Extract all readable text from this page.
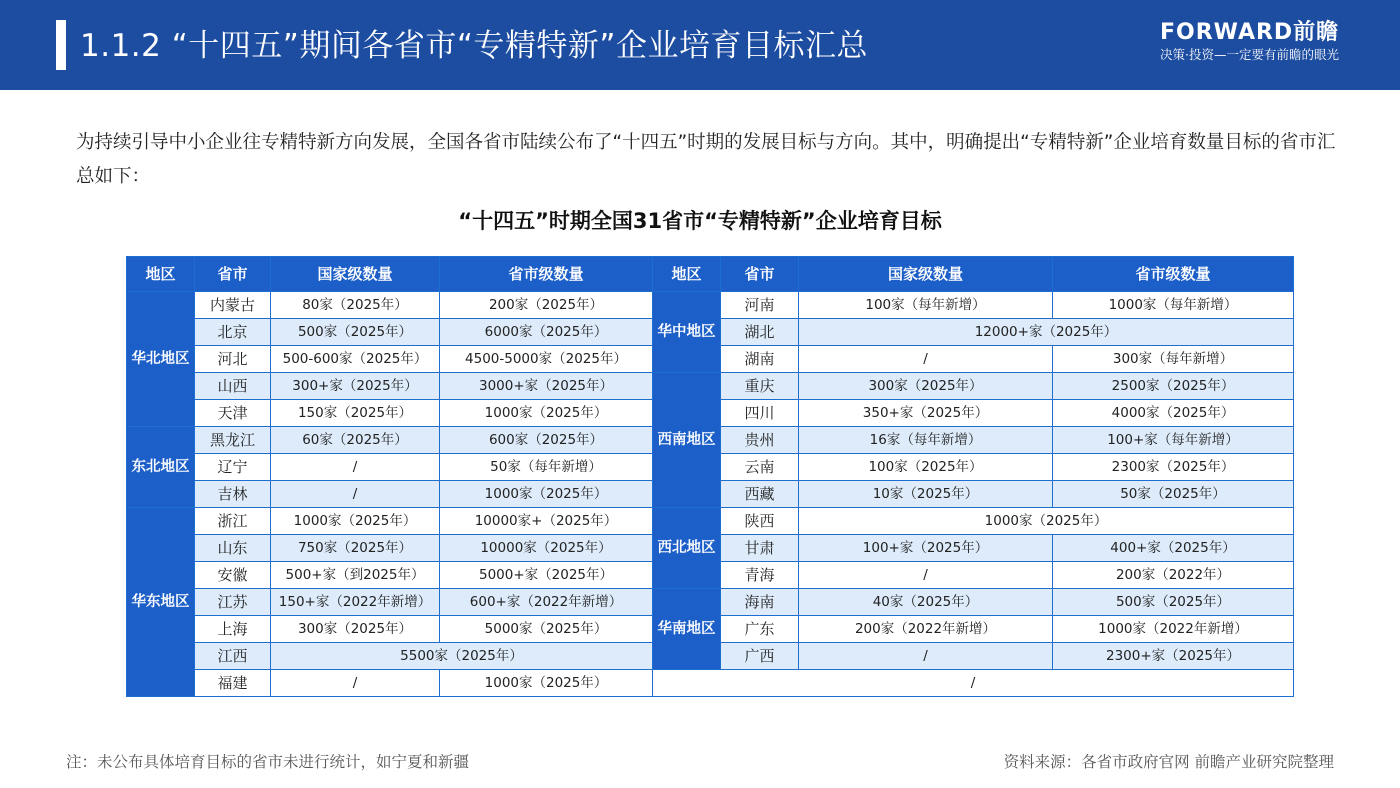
1.1.2 “十四五”期间各省市“专精特新”企业培育目标汇总	FORWARD前瞻
决策·投资—一定要有前瞻的眼光
为持续引导中小企业往专精特新方向发展，全国各省市陆续公布了“十四五”时期的发展目标与方向。其中，明确提出“专精特新”企业培育数量目标的省市汇总如下：
“十四五”时期全国31省市“专精特新”企业培育目标
地区	省市	国家级数量	省市级数量	地区	省市	国家级数量	省市级数量
华北地区	内蒙古	80家（2025年）	200家（2025年）	华中地区	河南	100家（每年新增）	1000家（每年新增）
	北京	500家（2025年）	6000家（2025年）		湖北	12000+家（2025年）	
	河北	500-600家（2025年）	4500-5000家（2025年）		湖南	/	300家（每年新增）
	山西	300+家（2025年）	3000+家（2025年）	西南地区	重庆	300家（2025年）	2500家（2025年）
	天津	150家（2025年）	1000家（2025年）		四川	350+家（2025年）	4000家（2025年）
东北地区	黑龙江	60家（2025年）	600家（2025年）		贵州	16家（每年新增）	100+家（每年新增）
	辽宁	/	50家（每年新增）		云南	100家（2025年）	2300家（2025年）
	吉林	/	1000家（2025年）		西藏	10家（2025年）	50家（2025年）
华东地区	浙江	1000家（2025年）	10000家+（2025年）	西北地区	陕西	1000家（2025年）	
	山东	750家（2025年）	10000家（2025年）		甘肃	100+家（2025年）	400+家（2025年）
	安徽	500+家（到2025年）	5000+家（2025年）		青海	/	200家（2022年）
	江苏	150+家（2022年新增）	600+家（2022年新增）	华南地区	海南	40家（2025年）	500家（2025年）
	上海	300家（2025年）	5000家（2025年）		广东	200家（2022年新增）	1000家（2022年新增）
	江西	5500家（2025年）			广西	/	2300+家（2025年）
	福建	/	1000家（2025年）	/			
注：未公布具体培育目标的省市未进行统计，如宁夏和新疆	资料来源：各省市政府官网 前瞻产业研究院整理
